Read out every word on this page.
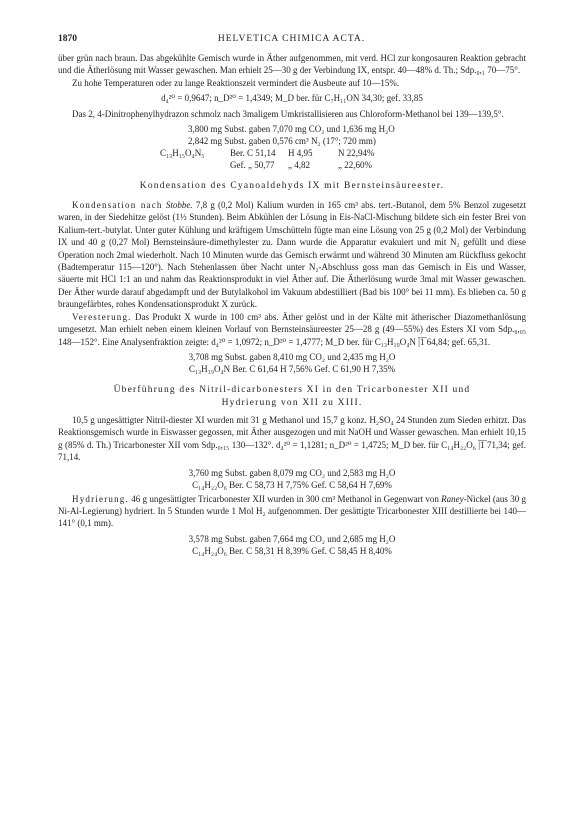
1870	HELVETICA CHIMICA ACTA.

über grün nach braun. Das abgekühlte Gemisch wurde in Äther aufgenommen, mit verd. HCl zur kongosauren Reaktion gebracht und die Ätherlösung mit Wasser gewaschen. Man erhielt 25—30 g der Verbindung IX, entspr. 40—48% d. Th.; Sdp.₀,₁ 70—75°.

Zu hohe Temperaturen oder zu lange Reaktionszeit vermindert die Ausbeute auf 10—15%.

d₄²⁰ = 0,9647; n_D²⁰ = 1,4349; M_D ber. für C₇H₁₁ON 34,30; gef. 33,85

Das 2, 4-Dinitrophenylhydrazon schmolz nach 3maligem Umkristallisieren aus Chloroform-Methanol bei 139—139,5°.

3,800 mg Subst. gaben 7,070 mg CO₂ und 1,636 mg H₂O
2,842 mg Subst. gaben 0,576 cm³ N₂ (17°; 720 mm)
C₁₃H₁₅O₄N₅	Ber. C 51,14	H 4,95	N 22,94%
Gef. „ 50,77	„ 4,82	„ 22,60%
Kondensation des Cyanoaldehyds IX mit Bernsteinsäureester.

Kondensation nach Stobbe. 7,8 g (0,2 Mol) Kalium wurden in 165 cm³ abs. tert.-Butanol, dem 5% Benzol zugesetzt waren, in der Siedehitze gelöst (1½ Stunden). Beim Abkühlen der Lösung in Eis-NaCl-Mischung bildete sich ein fester Brei von Kalium-tert.-butylat. Unter guter Kühlung und kräftigem Umschütteln fügte man eine Lösung von 25 g (0,2 Mol) der Verbindung IX und 40 g (0,27 Mol) Bernsteinsäure-dimethylester zu. Dann wurde die Apparatur evakuiert und mit N₂ gefüllt und diese Operation noch 2mal wiederholt. Nach 10 Minuten wurde das Gemisch erwärmt und während 30 Minuten am Rückfluss gekocht (Badtemperatur 115—120°). Nach Stehenlassen über Nacht unter N₂-Abschluss goss man das Gemisch in Eis und Wasser, säuerte mit HCl 1:1 an und nahm das Reaktionsprodukt in viel Äther auf. Die Ätherlösung wurde 3mal mit Wasser gewaschen. Der Äther wurde darauf abgedampft und der Butylalkohol im Vakuum abdestilliert (Bad bis 100° bei 11 mm). Es blieben ca. 50 g braungefärbtes, rohes Kondensationsprodukt X zurück.

Veresterung. Das Produkt X wurde in 100 cm³ abs. Äther gelöst und in der Kälte mit ätherischer Diazomethanlösung umgesetzt. Man erhielt neben einem kleinen Vorlauf von Bernsteinsäureester 25—28 g (49—55%) des Esters XI vom Sdp.₀,₀₅ 148—152°. Eine Analysenfraktion zeigte: d₄²⁰ = 1,0972; n_D²⁰ = 1,4777; M_D ber. für C₁₃H₁₉O₄N |̅1̅ 64,84; gef. 65,31.

3,708 mg Subst. gaben 8,410 mg CO₂ und 2,435 mg H₂O
C₁₃H₁₉O₄N Ber. C 61,64 H 7,56% Gef. C 61,90 H 7,35%
Überführung des Nitril-dicarbonesters XI in den Tricarbonester XII und
Hydrierung von XII zu XIII.

10,5 g ungesättigter Nitril-diester XI wurden mit 31 g Methanol und 15,7 g konz. H₂SO₄ 24 Stunden zum Sieden erhitzt. Das Reaktionsgemisch wurde in Eiswasser gegossen, mit Äther ausgezogen und mit NaOH und Wasser gewaschen. Man erhielt 10,15 g (85% d. Th.) Tricarbonester XII vom Sdp.₀,₁₅ 130—132°. d₄²⁰ = 1,1281; n_D²⁰ = 1,4725; M_D ber. für C₁₄H₂₂O₆ |̅1̅ 71,34; gef. 71,14.

3,760 mg Subst. gaben 8,079 mg CO₂ und 2,583 mg H₂O
C₁₄H₂₂O₆ Ber. C 58,73 H 7,75% Gef. C 58,64 H 7,69%

Hydrierung. 46 g ungesättigter Tricarbonester XII wurden in 300 cm³ Methanol in Gegenwart von Raney-Nickel (aus 30 g Ni-Al-Legierung) hydriert. In 5 Stunden wurde 1 Mol H₂ aufgenommen. Der gesättigte Tricarbonester XIII destillierte bei 140—141° (0,1 mm).

3,578 mg Subst. gaben 7,664 mg CO₂ und 2,685 mg H₂O
C₁₄H₂₄O₆ Ber. C 58,31 H 8,39% Gef. C 58,45 H 8,40%
